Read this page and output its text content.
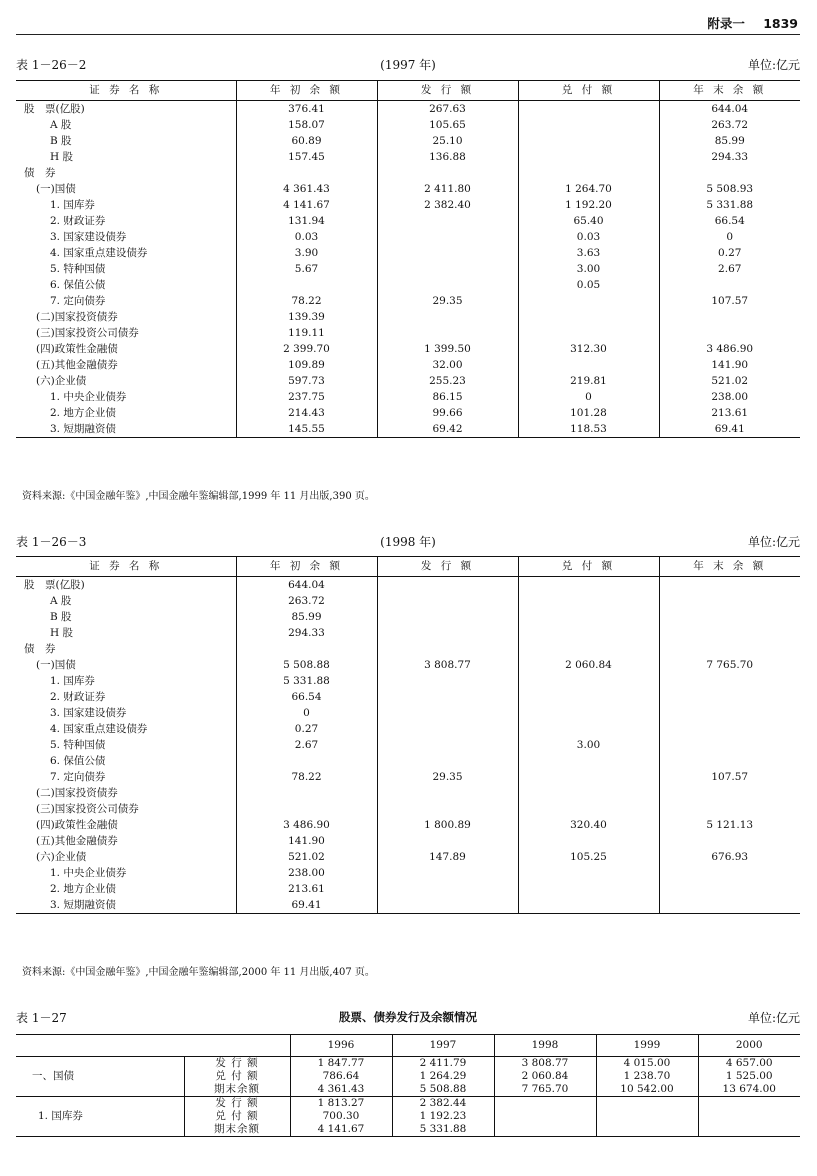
附录一 1839
(1997 年)
表 1－26－2	单位:亿元
证 券 名 称	年 初 余 额	发 行 额	兑 付 额	年 末 余 额
股　票(亿股)	376.41	267.63		644.04
A 股	158.07	105.65		263.72
B 股	60.89	25.10		85.99
H 股	157.45	136.88		294.33
债　券				
(一)国债	4 361.43	2 411.80	1 264.70	5 508.93
1. 国库券	4 141.67	2 382.40	1 192.20	5 331.88
2. 财政证券	131.94		65.40	66.54
3. 国家建设债券	0.03		0.03	0
4. 国家重点建设债券	3.90		3.63	0.27
5. 特种国债	5.67		3.00	2.67
6. 保值公债			0.05	
7. 定向债券	78.22	29.35		107.57
(二)国家投资债券	139.39			
(三)国家投资公司债券	119.11			
(四)政策性金融债	2 399.70	1 399.50	312.30	3 486.90
(五)其他金融债券	109.89	32.00		141.90
(六)企业债	597.73	255.23	219.81	521.02
1. 中央企业债券	237.75	86.15	0	238.00
2. 地方企业债	214.43	99.66	101.28	213.61
3. 短期融资债	145.55	69.42	118.53	69.41
资料来源:《中国金融年鉴》,中国金融年鉴编辑部,1999 年 11 月出版,390 页。
(1998 年)
表 1－26－3	单位:亿元
证 券 名 称	年 初 余 额	发 行 额	兑 付 额	年 末 余 额
股　票(亿股)	644.04			
A 股	263.72			
B 股	85.99			
H 股	294.33			
债　券				
(一)国债	5 508.88	3 808.77	2 060.84	7 765.70
1. 国库券	5 331.88			
2. 财政证券	66.54			
3. 国家建设债券	0			
4. 国家重点建设债券	0.27			
5. 特种国债	2.67		3.00	
6. 保值公债				
7. 定向债券	78.22	29.35		107.57
(二)国家投资债券				
(三)国家投资公司债券				
(四)政策性金融债	3 486.90	1 800.89	320.40	5 121.13
(五)其他金融债券	141.90			
(六)企业债	521.02	147.89	105.25	676.93
1. 中央企业债券	238.00			
2. 地方企业债	213.61			
3. 短期融资债	69.41			
资料来源:《中国金融年鉴》,中国金融年鉴编辑部,2000 年 11 月出版,407 页。
股票、债券发行及余额情况
表 1－27	单位:亿元
		1996	1997	1998	1999	2000
一、国债	发 行 额	1 847.77	2 411.79	3 808.77	4 015.00	4 657.00
	兑 付 额	786.64	1 264.29	2 060.84	1 238.70	1 525.00
	期末余额	4 361.43	5 508.88	7 765.70	10 542.00	13 674.00
1. 国库券	发 行 额	1 813.27	2 382.44			
	兑 付 额	700.30	1 192.23			
	期末余额	4 141.67	5 331.88			
